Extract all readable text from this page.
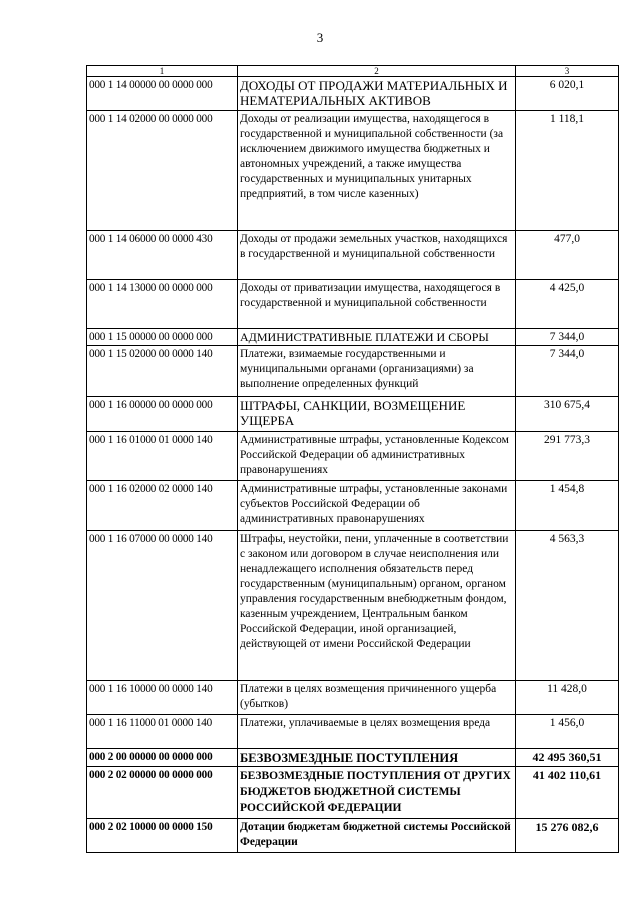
3
1	2	3
000 1 14 00000 00 0000 000	ДОХОДЫ ОТ ПРОДАЖИ МАТЕРИАЛЬНЫХ И НЕМАТЕРИАЛЬНЫХ АКТИВОВ	6 020,1
000 1 14 02000 00 0000 000	Доходы от реализации имущества, находящегося в государственной и муниципальной собственности (за исключением движимого имущества бюджетных и автономных учреждений, а также имущества государственных и муниципальных унитарных предприятий, в том числе казенных)	1 118,1
000 1 14 06000 00 0000 430	Доходы от продажи земельных участков, находящихся в государственной и муниципальной собственности	477,0
000 1 14 13000 00 0000 000	Доходы от приватизации имущества, находящегося в государственной и муниципальной собственности	4 425,0
000 1 15 00000 00 0000 000	АДМИНИСТРАТИВНЫЕ ПЛАТЕЖИ И СБОРЫ	7 344,0
000 1 15 02000 00 0000 140	Платежи, взимаемые государственными и муниципальными органами (организациями) за выполнение определенных функций	7 344,0
000 1 16 00000 00 0000 000	ШТРАФЫ, САНКЦИИ, ВОЗМЕЩЕНИЕ УЩЕРБА	310 675,4
000 1 16 01000 01 0000 140	Административные штрафы, установленные Кодексом Российской Федерации об административных правонарушениях	291 773,3
000 1 16 02000 02 0000 140	Административные штрафы, установленные законами субъектов Российской Федерации об административных правонарушениях	1 454,8
000 1 16 07000 00 0000 140	Штрафы, неустойки, пени, уплаченные в соответствии с законом или договором в случае неисполнения или ненадлежащего исполнения обязательств перед государственным (муниципальным) органом, органом управления государственным внебюджетным фондом, казенным учреждением, Центральным банком Российской Федерации, иной организацией, действующей от имени Российской Федерации	4 563,3
000 1 16 10000 00 0000 140	Платежи в целях возмещения причиненного ущерба (убытков)	11 428,0
000 1 16 11000 01 0000 140	Платежи, уплачиваемые в целях возмещения вреда	1 456,0
000 2 00 00000 00 0000 000	БЕЗВОЗМЕЗДНЫЕ ПОСТУПЛЕНИЯ	42 495 360,51
000 2 02 00000 00 0000 000	БЕЗВОЗМЕЗДНЫЕ ПОСТУПЛЕНИЯ ОТ ДРУГИХ БЮДЖЕТОВ БЮДЖЕТНОЙ СИСТЕМЫ РОССИЙСКОЙ ФЕДЕРАЦИИ	41 402 110,61
000 2 02 10000 00 0000 150	Дотации бюджетам бюджетной системы Российской Федерации	15 276 082,6
